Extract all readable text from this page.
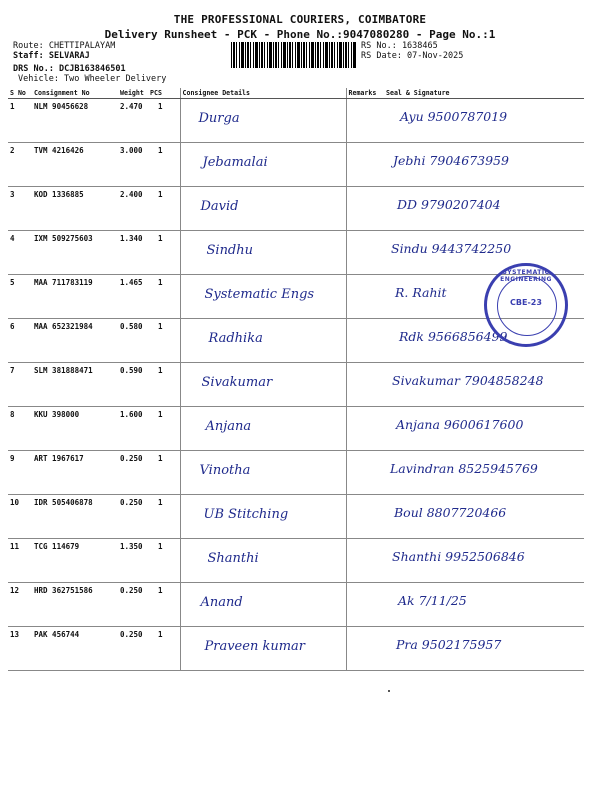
THE PROFESSIONAL COURIERS, COIMBATORE
Delivery Runsheet - PCK - Phone No.:9047080280 - Page No.:1
Route: CHETTIPALAYAM
Staff: SELVARAJ
DRS No.: DCJB163846501
Vehicle: Two Wheeler Delivery
RS No.: 1638465
RS Date: 07-Nov-2025
S No	Consignment No	Weight	PCS	Consignee Details	Remarks	Seal & Signature
1	NLM 90456628	2.470	1	Durga		Ayu 9500787019

2	TVM 4216426	3.000	1	Jebamalai		Jebhi 7904673959

3	KOD 1336885	2.400	1	David		DD 9790207404

4	IXM 509275603	1.340	1	Sindhu		Sindu 9443742250

5	MAA 711783119	1.465	1	Systematic Engs		R. Rahit

6	MAA 652321984	0.580	1	Radhika		Rdk 9566856499

7	SLM 381888471	0.590	1	Sivakumar		Sivakumar 7904858248

8	KKU 398000	1.600	1	Anjana		Anjana 9600617600

9	ART 1967617	0.250	1	Vinotha		Lavindran 8525945769

10	IDR 505406878	0.250	1	UB Stitching		Boul 8807720466

11	TCG 114679	1.350	1	Shanthi		Shanthi 9952506846

12	HRD 362751586	0.250	1	Anand		Ak 7/11/25

13	PAK 456744	0.250	1	Praveen kumar		Pra 9502175957
SYSTEMATIC ENGINEERING
CBE-23
